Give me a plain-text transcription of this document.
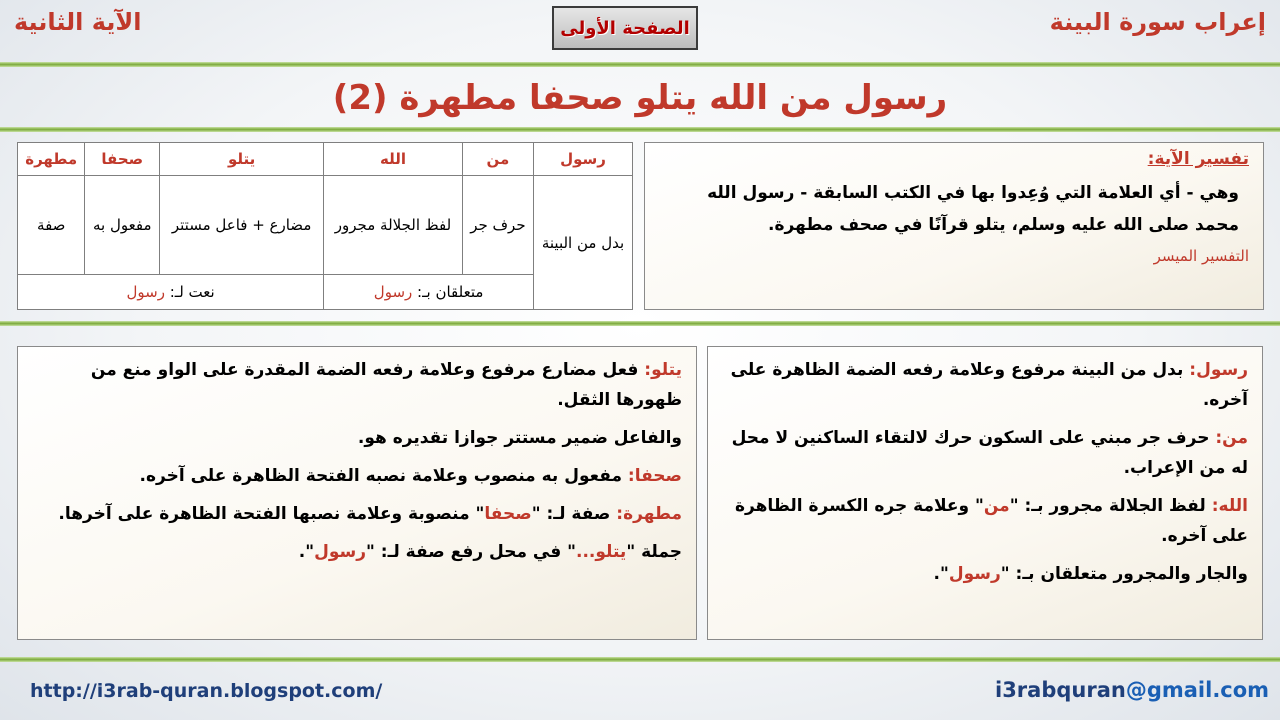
إعراب سورة البينة
الآية الثانية	الصفحة الأولى
رسول من الله يتلو صحفا مطهرة (2)
رسول	من	الله	يتلو	صحفا	مطهرة
بدل من البينة	حرف جر	لفظ الجلالة مجرور	مضارع + فاعل مستتر	مفعول به	صفة
	متعلقان بـ: رسول		نعت لـ: رسول		
تفسير الآية:
وهي - أي العلامة التي وُعِدوا بها في الكتب السابقة - رسول الله محمد صلى الله عليه وسلم، يتلو قرآنًا في صحف مطهرة.
التفسير الميسر

رسول: بدل من البينة مرفوع وعلامة رفعه الضمة الظاهرة على آخره.

من: حرف جر مبني على السكون حرك لالتقاء الساكنين لا محل له من الإعراب.

الله: لفظ الجلالة مجرور بـ: "من" وعلامة جره الكسرة الظاهرة على آخره.

والجار والمجرور متعلقان بـ: "رسول".

يتلو: فعل مضارع مرفوع وعلامة رفعه الضمة المقدرة على الواو منع من ظهورها الثقل.

والفاعل ضمير مستتر جوازا تقديره هو.

صحفا: مفعول به منصوب وعلامة نصبه الفتحة الظاهرة على آخره.

مطهرة: صفة لـ: "صحفا" منصوبة وعلامة نصبها الفتحة الظاهرة على آخرها.

جملة "يتلو..." في محل رفع صفة لـ: "رسول".

http://i3rab-quran.blogspot.com/	i3rabquran@gmail.com
